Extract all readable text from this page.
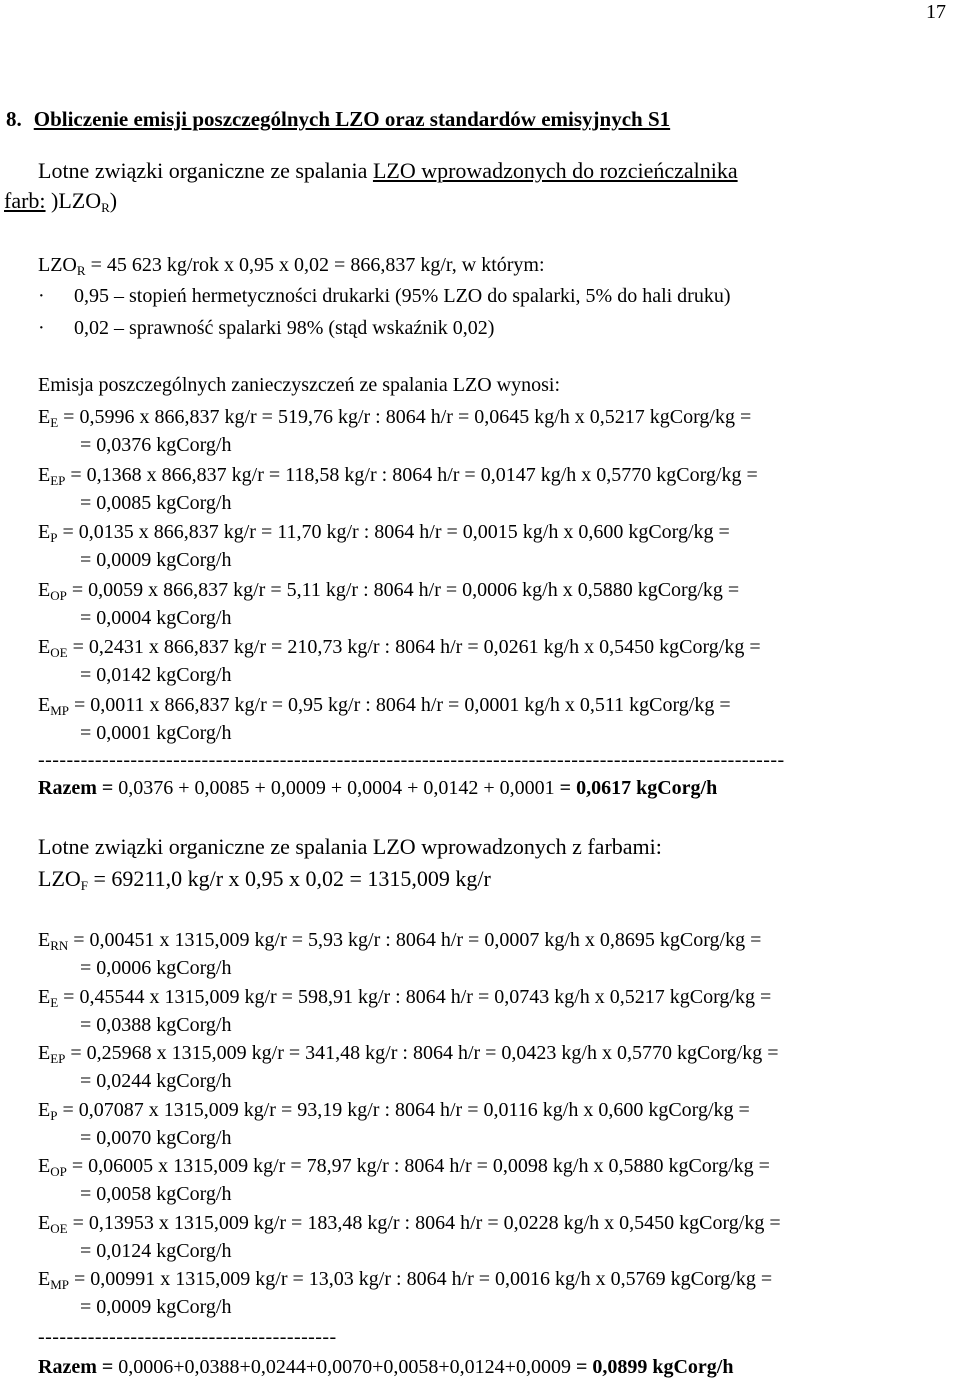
17
8. Obliczenie emisji poszczególnych LZO oraz standardów emisyjnych S1
Lotne związki organiczne ze spalania LZO wprowadzonych do rozcieńczalnika
farb: )$LZO_R$)
$LZO_R = 45$ 623 kg/rok x 0,95 x 0,02 = 866,837 kg/r, w którym:
· 0,95 – stopień hermetyczności drukarki (95% LZO do spalarki, 5% do hali druku)
· 0,02 – sprawność spalarki 98% (stąd wskaźnik 0,02)
Emisja poszczególnych zanieczyszczeń ze spalania LZO wynosi:
$E_E = 0,5996$ x 866,837 kg/r = 519,76 kg/r : 8064 h/r = 0,0645 kg/h x 0,5217 kgCorg/kg =
= 0,0376 kgCorg/h
$E_{EP} = 0,1368$ x 866,837 kg/r = 118,58 kg/r : 8064 h/r = 0,0147 kg/h x 0,5770 kgCorg/kg =
= 0,0085 kgCorg/h
$E_P = 0,0135$ x 866,837 kg/r = 11,70 kg/r : 8064 h/r = 0,0015 kg/h x 0,600 kgCorg/kg =
= 0,0009 kgCorg/h
$E_{OP} = 0,0059$ x 866,837 kg/r = 5,11 kg/r : 8064 h/r = 0,0006 kg/h x 0,5880 kgCorg/kg =
= 0,0004 kgCorg/h
$E_{OE} = 0,2431$ x 866,837 kg/r = 210,73 kg/r : 8064 h/r = 0,0261 kg/h x 0,5450 kgCorg/kg =
= 0,0142 kgCorg/h
$E_{MP} = 0,0011$ x 866,837 kg/r = 0,95 kg/r : 8064 h/r = 0,0001 kg/h x 0,511 kgCorg/kg =
= 0,0001 kgCorg/h
---------------------------------------------------------------------------------------------------------
Razem = 0,0376 + 0,0085 + 0,0009 + 0,0004 + 0,0142 + 0,0001 = 0,0617 kgCorg/h
Lotne związki organiczne ze spalania LZO wprowadzonych z farbami:
$LZO_F = 69211,0$ kg/r x 0,95 x 0,02 = 1315,009 kg/r
$E_{RN} = 0,00451$ x 1315,009 kg/r = 5,93 kg/r : 8064 h/r = 0,0007 kg/h x 0,8695 kgCorg/kg =
= 0,0006 kgCorg/h
$E_E = 0,45544$ x 1315,009 kg/r = 598,91 kg/r : 8064 h/r = 0,0743 kg/h x 0,5217 kgCorg/kg =
= 0,0388 kgCorg/h
$E_{EP} = 0,25968$ x 1315,009 kg/r = 341,48 kg/r : 8064 h/r = 0,0423 kg/h x 0,5770 kgCorg/kg =
= 0,0244 kgCorg/h
$E_P = 0,07087$ x 1315,009 kg/r = 93,19 kg/r : 8064 h/r = 0,0116 kg/h x 0,600 kgCorg/kg =
= 0,0070 kgCorg/h
$E_{OP} = 0,06005$ x 1315,009 kg/r = 78,97 kg/r : 8064 h/r = 0,0098 kg/h x 0,5880 kgCorg/kg =
= 0,0058 kgCorg/h
$E_{OE} = 0,13953$ x 1315,009 kg/r = 183,48 kg/r : 8064 h/r = 0,0228 kg/h x 0,5450 kgCorg/kg =
= 0,0124 kgCorg/h
$E_{MP} = 0,00991$ x 1315,009 kg/r = 13,03 kg/r : 8064 h/r = 0,0016 kg/h x 0,5769 kgCorg/kg =
= 0,0009 kgCorg/h
------------------------------------------
Razem = 0,0006+0,0388+0,0244+0,0070+0,0058+0,0124+0,0009 = 0,0899 kgCorg/h
